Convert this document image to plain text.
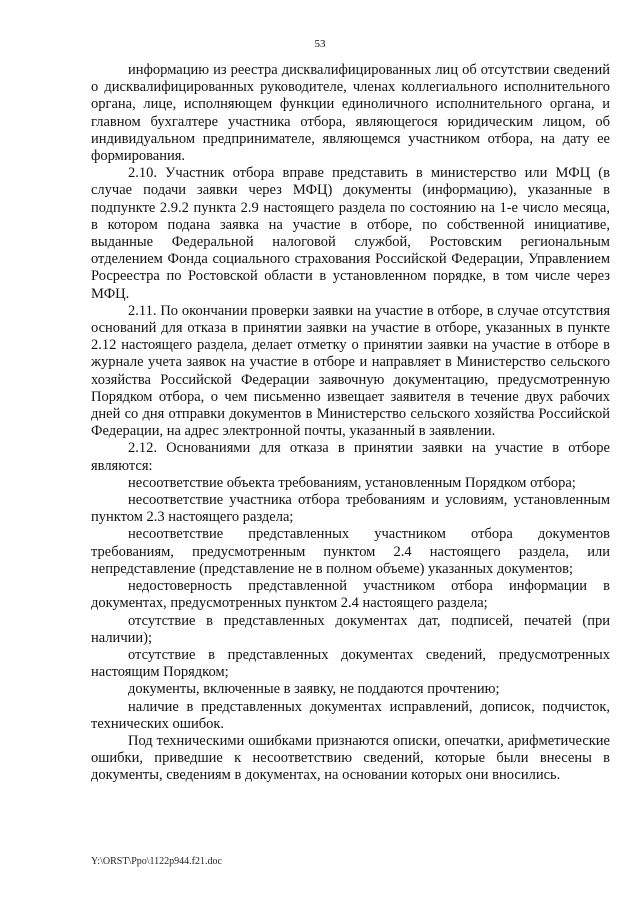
53

информацию из реестра дисквалифицированных лиц об отсутствии сведений о дисквалифицированных руководителе, членах коллегиального исполнительного органа, лице, исполняющем функции единоличного исполнительного органа, и главном бухгалтере участника отбора, являющегося юридическим лицом, об индивидуальном предпринимателе, являющемся участником отбора, на дату ее формирования.

2.10. Участник отбора вправе представить в министерство или МФЦ (в случае подачи заявки через МФЦ) документы (информацию), указанные в подпункте 2.9.2 пункта 2.9 настоящего раздела по состоянию на 1-е число месяца, в котором подана заявка на участие в отборе, по собственной инициативе, выданные Федеральной налоговой службой, Ростовским региональным отделением Фонда социального страхования Российской Федерации, Управлением Росреестра по Ростовской области в установленном порядке, в том числе через МФЦ.

2.11. По окончании проверки заявки на участие в отборе, в случае отсутствия оснований для отказа в принятии заявки на участие в отборе, указанных в пункте 2.12 настоящего раздела, делает отметку о принятии заявки на участие в отборе в журнале учета заявок на участие в отборе и направляет в Министерство сельского хозяйства Российской Федерации заявочную документацию, предусмотренную Порядком отбора, о чем письменно извещает заявителя в течение двух рабочих дней со дня отправки документов в Министерство сельского хозяйства Российской Федерации, на адрес электронной почты, указанный в заявлении.

2.12. Основаниями для отказа в принятии заявки на участие в отборе являются:

несоответствие объекта требованиям, установленным Порядком отбора;

несоответствие участника отбора требованиям и условиям, установленным пунктом 2.3 настоящего раздела;

несоответствие представленных участником отбора документов требованиям, предусмотренным пунктом 2.4 настоящего раздела, или непредставление (представление не в полном объеме) указанных документов;

недостоверность представленной участником отбора информации в документах, предусмотренных пунктом 2.4 настоящего раздела;

отсутствие в представленных документах дат, подписей, печатей (при наличии);

отсутствие в представленных документах сведений, предусмотренных настоящим Порядком;

документы, включенные в заявку, не поддаются прочтению;

наличие в представленных документах исправлений, дописок, подчисток, технических ошибок.

Под техническими ошибками признаются описки, опечатки, арифметические ошибки, приведшие к несоответствию сведений, которые были внесены в документы, сведениям в документах, на основании которых они вносились.

Y:\ORST\Ppo\1122p944.f21.doc
